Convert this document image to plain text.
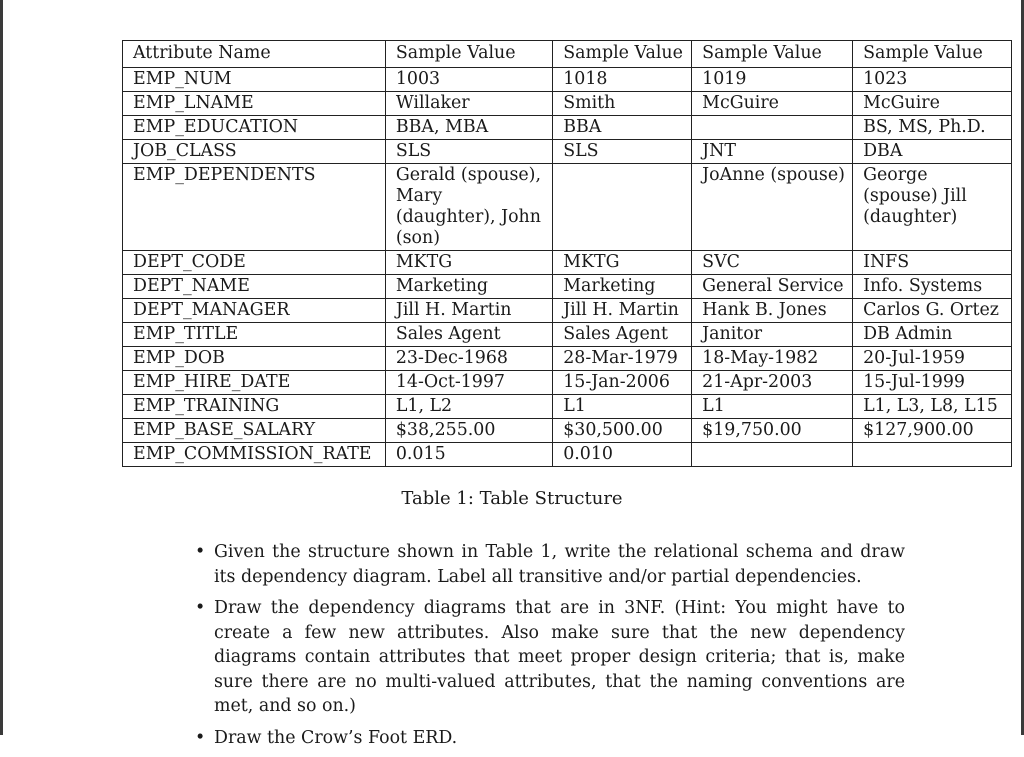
Attribute Name	Sample Value	Sample Value	Sample Value	Sample Value
EMP_NUM	1003	1018	1019	1023
EMP_LNAME	Willaker	Smith	McGuire	McGuire
EMP_EDUCATION	BBA, MBA	BBA		BS, MS, Ph.D.
JOB_CLASS	SLS	SLS	JNT	DBA
EMP_DEPENDENTS	Gerald (spouse), Mary (daughter), John (son)		JoAnne (spouse)	George (spouse) Jill (daughter)
DEPT_CODE	MKTG	MKTG	SVC	INFS
DEPT_NAME	Marketing	Marketing	General Service	Info. Systems
DEPT_MANAGER	Jill H. Martin	Jill H. Martin	Hank B. Jones	Carlos G. Ortez
EMP_TITLE	Sales Agent	Sales Agent	Janitor	DB Admin
EMP_DOB	23-Dec-1968	28-Mar-1979	18-May-1982	20-Jul-1959
EMP_HIRE_DATE	14-Oct-1997	15-Jan-2006	21-Apr-2003	15-Jul-1999
EMP_TRAINING	L1, L2	L1	L1	L1, L3, L8, L15
EMP_BASE_SALARY	$38,255.00	$30,500.00	$19,750.00	$127,900.00
EMP_COMMISSION_RATE	0.015	0.010		
Table 1: Table Structure
• Given the structure shown in Table 1, write the relational schema and draw its dependency diagram. Label all transitive and/or partial dependencies.
• Draw the dependency diagrams that are in 3NF. (Hint: You might have to create a few new attributes. Also make sure that the new dependency diagrams contain attributes that meet proper design criteria; that is, make sure there are no multi-valued attributes, that the naming conventions are met, and so on.)
• Draw the Crow’s Foot ERD.
